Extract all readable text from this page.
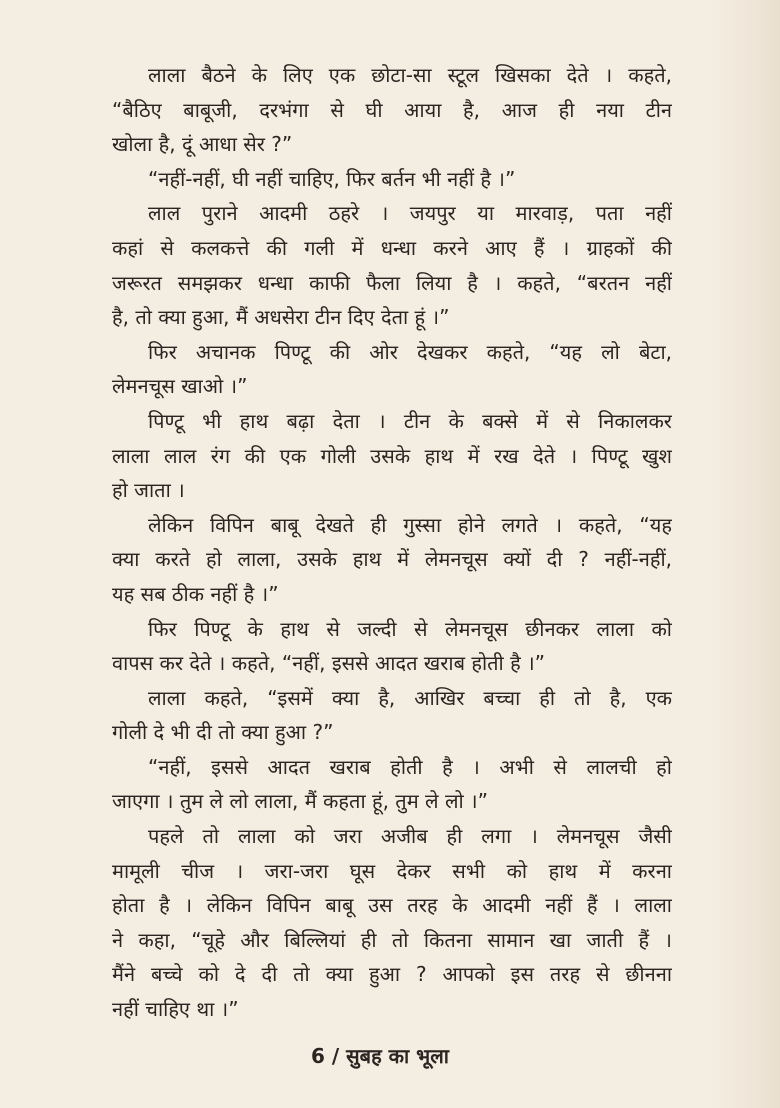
लाला बैठने के लिए एक छोटा-सा स्टूल खिसका देते । कहते,
“बैठिए बाबूजी, दरभंगा से घी आया है, आज ही नया टीन
खोला है, दूं आधा सेर ?”
“नहीं-नहीं, घी नहीं चाहिए, फिर बर्तन भी नहीं है ।”
लाल पुराने आदमी ठहरे । जयपुर या मारवाड़, पता नहीं
कहां से कलकत्ते की गली में धन्धा करने आए हैं । ग्राहकों की
जरूरत समझकर धन्धा काफी फैला लिया है । कहते, “बरतन नहीं
है, तो क्या हुआ, मैं अधसेरा टीन दिए देता हूं ।”
फिर अचानक पिण्टू की ओर देखकर कहते, “यह लो बेटा,
लेमनचूस खाओ ।”
पिण्टू भी हाथ बढ़ा देता । टीन के बक्से में से निकालकर
लाला लाल रंग की एक गोली उसके हाथ में रख देते । पिण्टू खुश
हो जाता ।
लेकिन विपिन बाबू देखते ही गुस्सा होने लगते । कहते, “यह
क्या करते हो लाला, उसके हाथ में लेमनचूस क्यों दी ? नहीं-नहीं,
यह सब ठीक नहीं है ।”
फिर पिण्टू के हाथ से जल्दी से लेमनचूस छीनकर लाला को
वापस कर देते । कहते, “नहीं, इससे आदत खराब होती है ।”
लाला कहते, “इसमें क्या है, आखिर बच्चा ही तो है, एक
गोली दे भी दी तो क्या हुआ ?”
“नहीं, इससे आदत खराब होती है । अभी से लालची हो
जाएगा । तुम ले लो लाला, मैं कहता हूं, तुम ले लो ।”
पहले तो लाला को जरा अजीब ही लगा । लेमनचूस जैसी
मामूली चीज । जरा-जरा घूस देकर सभी को हाथ में करना
होता है । लेकिन विपिन बाबू उस तरह के आदमी नहीं हैं । लाला
ने कहा, “चूहे और बिल्लियां ही तो कितना सामान खा जाती हैं ।
मैंने बच्चे को दे दी तो क्या हुआ ? आपको इस तरह से छीनना
नहीं चाहिए था ।”
6 / सुबह का भूला
